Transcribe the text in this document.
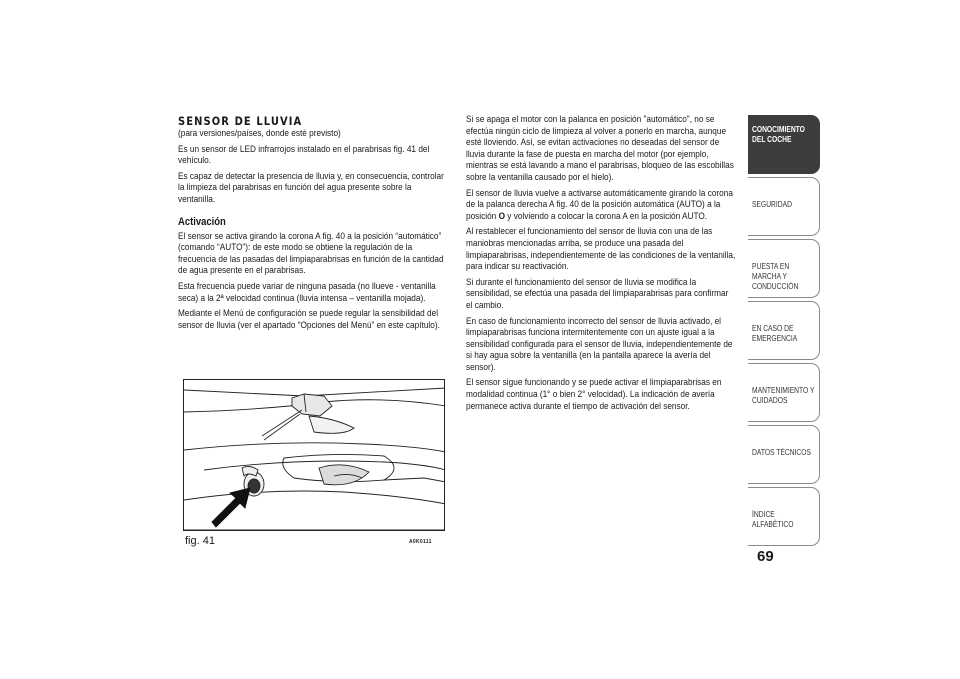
SENSOR DE LLUVIA

(para versiones/países, donde esté previsto)

Es un sensor de LED infrarrojos instalado en el parabrisas fig. 41 del vehículo.

Es capaz de detectar la presencia de lluvia y, en consecuencia, controlar la limpieza del parabrisas en función del agua presente sobre la ventanilla.

Activación

El sensor se activa girando la corona A fig. 40 a la posición “automático” (comando “AUTO”): de este modo se obtiene la regulación de la frecuencia de las pasadas del limpiaparabrisas en función de la cantidad de agua presente en el parabrisas.

Esta frecuencia puede variar de ninguna pasada (no llueve - ventanilla seca) a la 2ª velocidad continua (lluvia intensa – ventanilla mojada).

Mediante el Menú de configuración se puede regular la sensibilidad del sensor de lluvia (ver el apartado “Opciones del Menú” en este capítulo).

fig. 41	A0K0111

Si se apaga el motor con la palanca en posición "automático", no se efectúa ningún ciclo de limpieza al volver a ponerlo en marcha, aunque esté lloviendo. Así, se evitan activaciones no deseadas del sensor de lluvia durante la fase de puesta en marcha del motor (por ejemplo, mientras se está lavando a mano el parabrisas, bloqueo de las escobillas sobre la ventanilla causado por el hielo).

El sensor de lluvia vuelve a activarse automáticamente girando la corona de la palanca derecha A fig. 40 de la posición automática (AUTO) a la posición O y volviendo a colocar la corona A en la posición AUTO.

Al restablecer el funcionamiento del sensor de lluvia con una de las maniobras mencionadas arriba, se produce una pasada del limpiaparabrisas, independientemente de las condiciones de la ventanilla, para indicar su reactivación.

Si durante el funcionamiento del sensor de lluvia se modifica la sensibilidad, se efectúa una pasada del limpiaparabrisas para confirmar el cambio.

En caso de funcionamiento incorrecto del sensor de lluvia activado, el limpiaparabrisas funciona intermitentemente con un ajuste igual a la sensibilidad configurada para el sensor de lluvia, independientemente de si hay agua sobre la ventanilla (en la pantalla aparece la avería del sensor).

El sensor sigue funcionando y se puede activar el limpiaparabrisas en modalidad continua (1° o bien 2° velocidad). La indicación de avería permanece activa durante el tiempo de activación del sensor.

CONOCIMIENTO DEL COCHE
SEGURIDAD
PUESTA EN MARCHA Y CONDUCCIÓN
EN CASO DE EMERGENCIA
MANTENIMIENTO Y CUIDADOS
DATOS TÉCNICOS
ÍNDICE ALFABÉTICO
69
